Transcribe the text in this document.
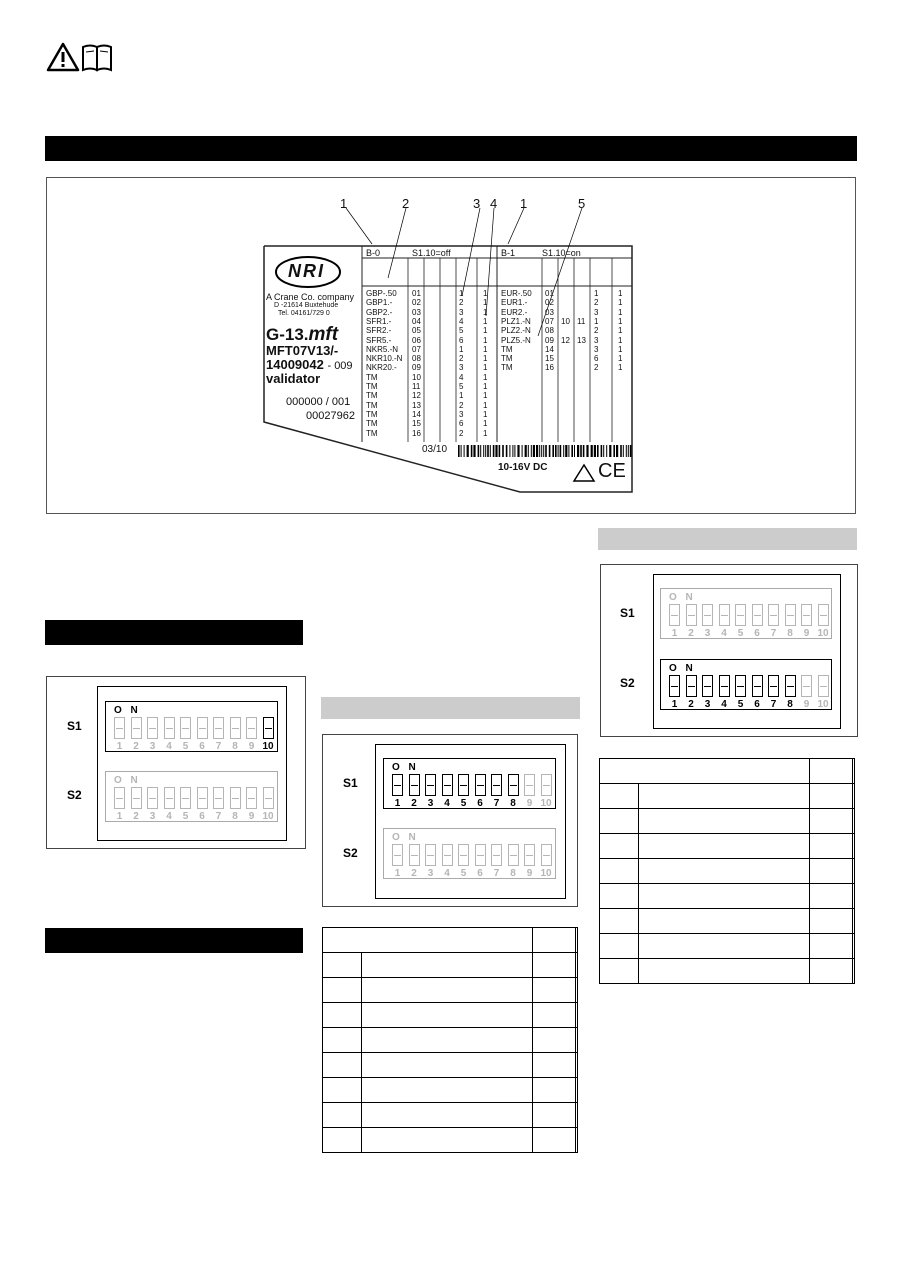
1	2	3 4 1	5
NRI
A Crane Co. company
D -21614 Buxtehude
Tel. 04161/729 0
G-13.mft
MFT07V13/-
14009042 - 009
validator
000000 / 001
00027962
B-0	S1.10=off	B-1	S1.10=on
GBP-.50 01	1 1
GBP1.- 02	2 1
GBP2.- 03	3 1
SFR1.-	04	4 1
SFR2.-	05	5 1
SFR5.-	06	6 1
NKR5.-N 07	1 1
NKR10.-N 08	2 1
NKR20.- 09	3 1
TM	10	4 1
TM	11	5 1
TM	12	1 1
TM	13	2 1
TM	14	3 1
TM	15	6 1
TM	16	2 1
EUR-.50 01	1 1
EUR1.- 02	2 1
EUR2.- 03	3 1
PLZ1.-N 07 10 11 1 1
PLZ2.-N 08	2 1
PLZ5.-N 09 12 13 3 1
TM	14	3 1
TM	15	6 1
TM	16	2 1
03/10
10-16V DC	CE
S1
S2
O N
1	2	3	4	5	6	7	8	9 10
O N
1	2	3	4	5	6	7	8	9 10
S1
S2
O N
1	2	3	4	5	6	7	8	9 10
O N
1	2	3	4	5	6	7	8	9 10

S1
S2
O N
1	2	3	4	5	6	7	8	9 10
O N
1	2	3	4	5	6	7	8	9 10
